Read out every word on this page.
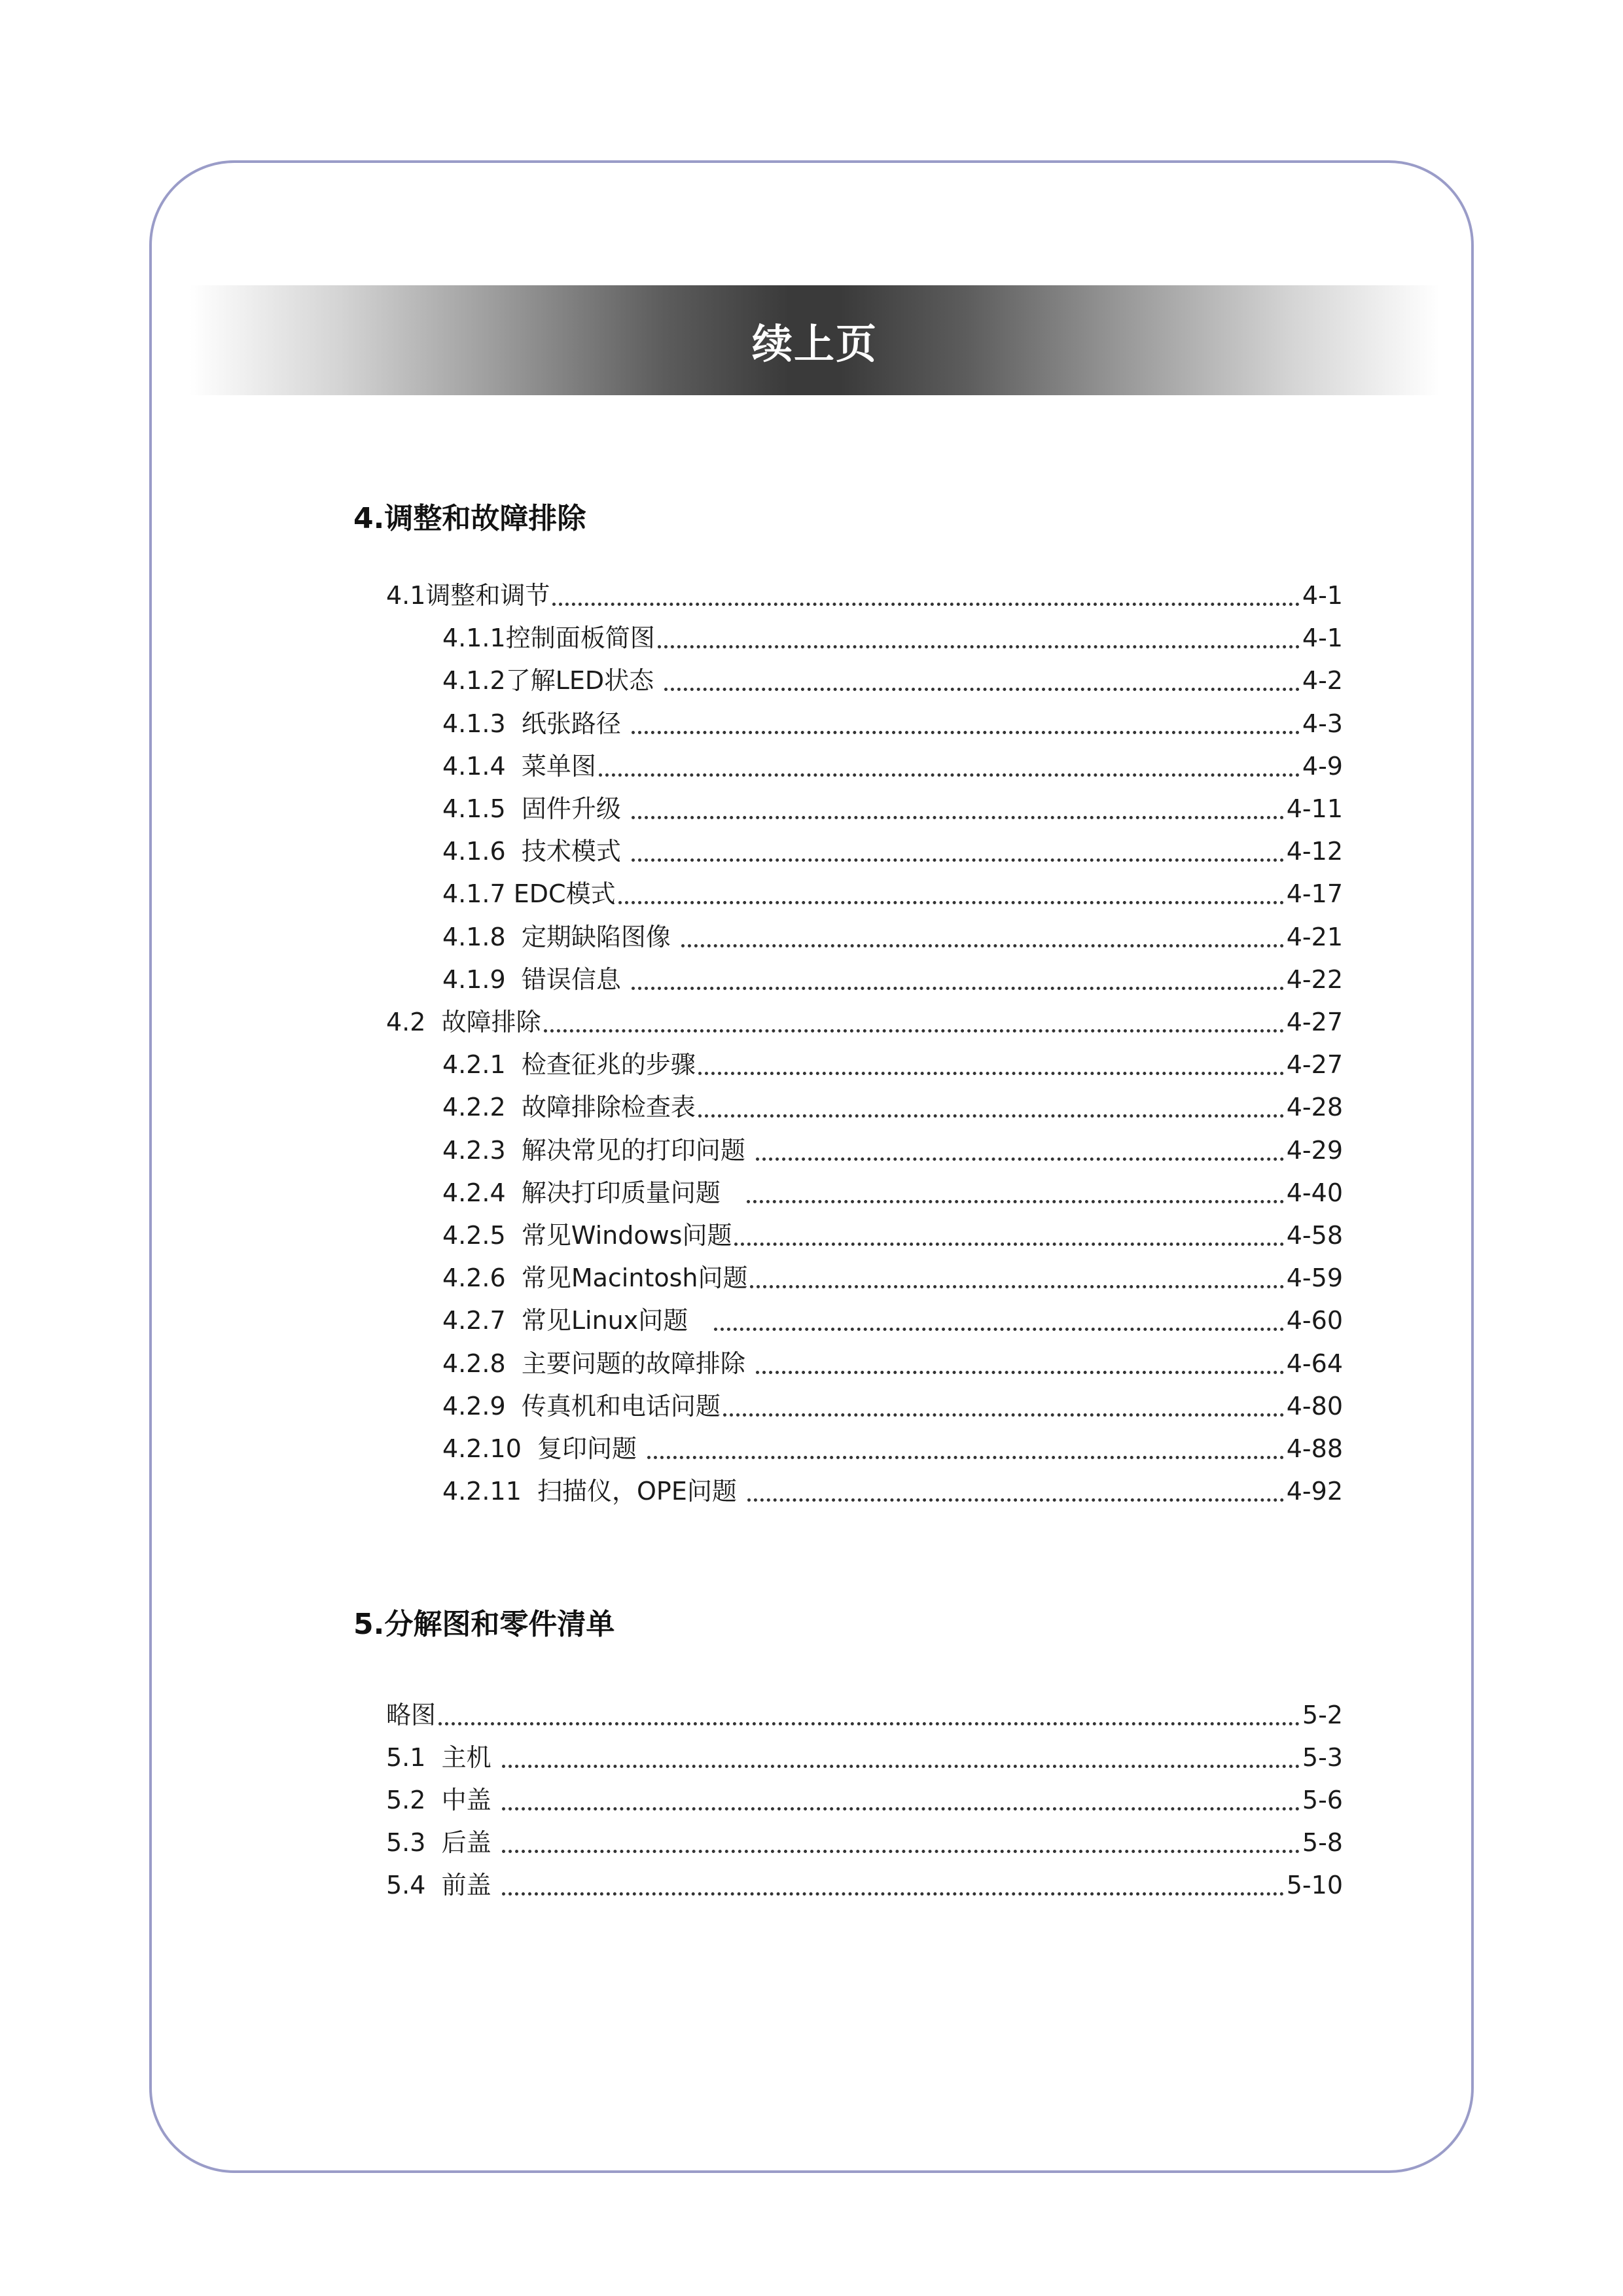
续上页
4.调整和故障排除
4.1调整和调节	4-1
4.1.1控制面板简图	4-1
4.1.2了解LED状态	4-2
4.1.3  纸张路径	4-3
4.1.4  菜单图	4-9
4.1.5  固件升级	4-11
4.1.6  技术模式	4-12
4.1.7 EDC模式	4-17
4.1.8  定期缺陷图像	4-21
4.1.9  错误信息	4-22
4.2  故障排除	4-27
4.2.1  检查征兆的步骤	4-27
4.2.2  故障排除检查表	4-28
4.2.3  解决常见的打印问题	4-29
4.2.4  解决打印质量问题	4-40
4.2.5  常见Windows问题	4-58
4.2.6  常见Macintosh问题	4-59
4.2.7  常见Linux问题	4-60
4.2.8  主要问题的故障排除	4-64
4.2.9  传真机和电话问题	4-80
4.2.10  复印问题	4-88
4.2.11  扫描仪，OPE问题	4-92
5.分解图和零件清单
略图	5-2
5.1  主机	5-3
5.2  中盖	5-6
5.3  后盖	5-8
5.4  前盖	5-10
